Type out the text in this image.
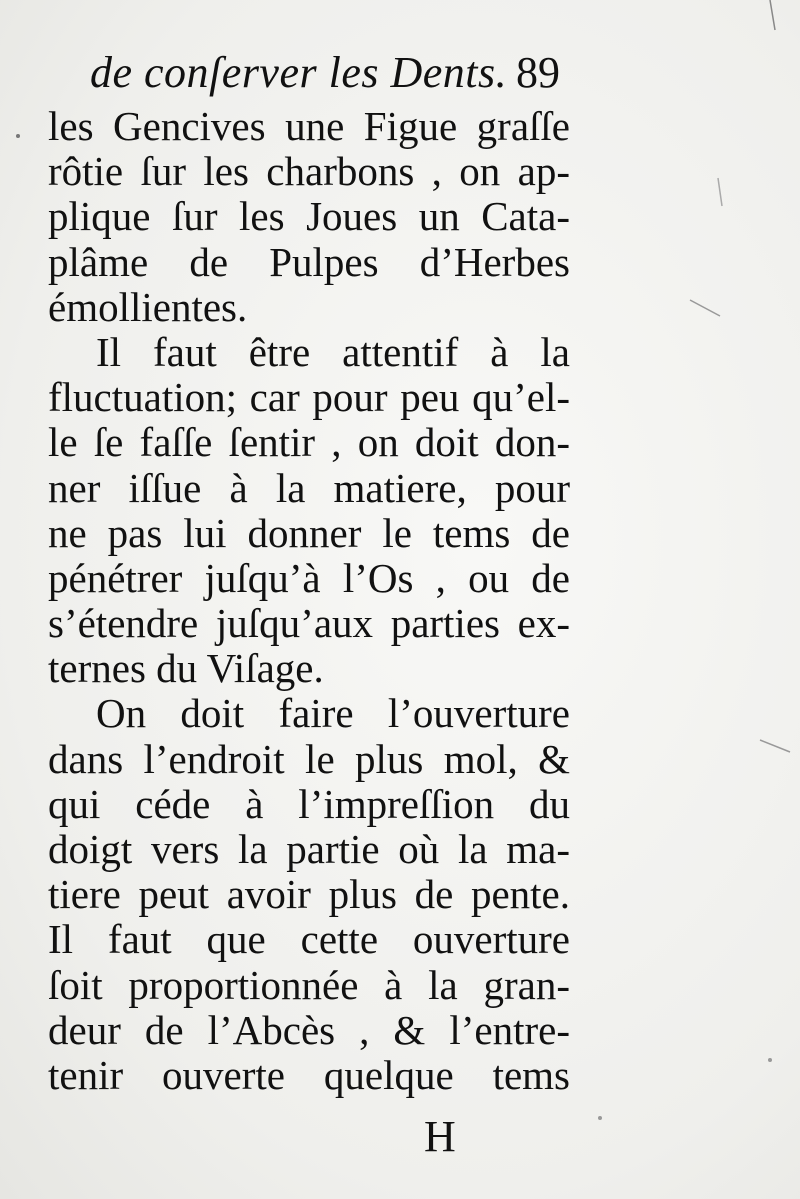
de conſerver les Dents. 89
les Gencives une Figue graſſe
rôtie ſur les charbons , on ap-
plique ſur les Joues un Cata-
plâme de Pulpes d’Herbes
émollientes.
Il faut être attentif à la
fluctuation; car pour peu qu’el-
le ſe faſſe ſentir , on doit don-
ner iſſue à la matiere, pour
ne pas lui donner le tems de
pénétrer juſqu’à l’Os , ou de
s’étendre juſqu’aux parties ex-
ternes du Viſage.
On doit faire l’ouverture
dans l’endroit le plus mol, &
qui céde à l’impreſſion du
doigt vers la partie où la ma-
tiere peut avoir plus de pente.
Il faut que cette ouverture
ſoit proportionnée à la gran-
deur de l’Abcès , & l’entre-
tenir ouverte quelque tems
H
